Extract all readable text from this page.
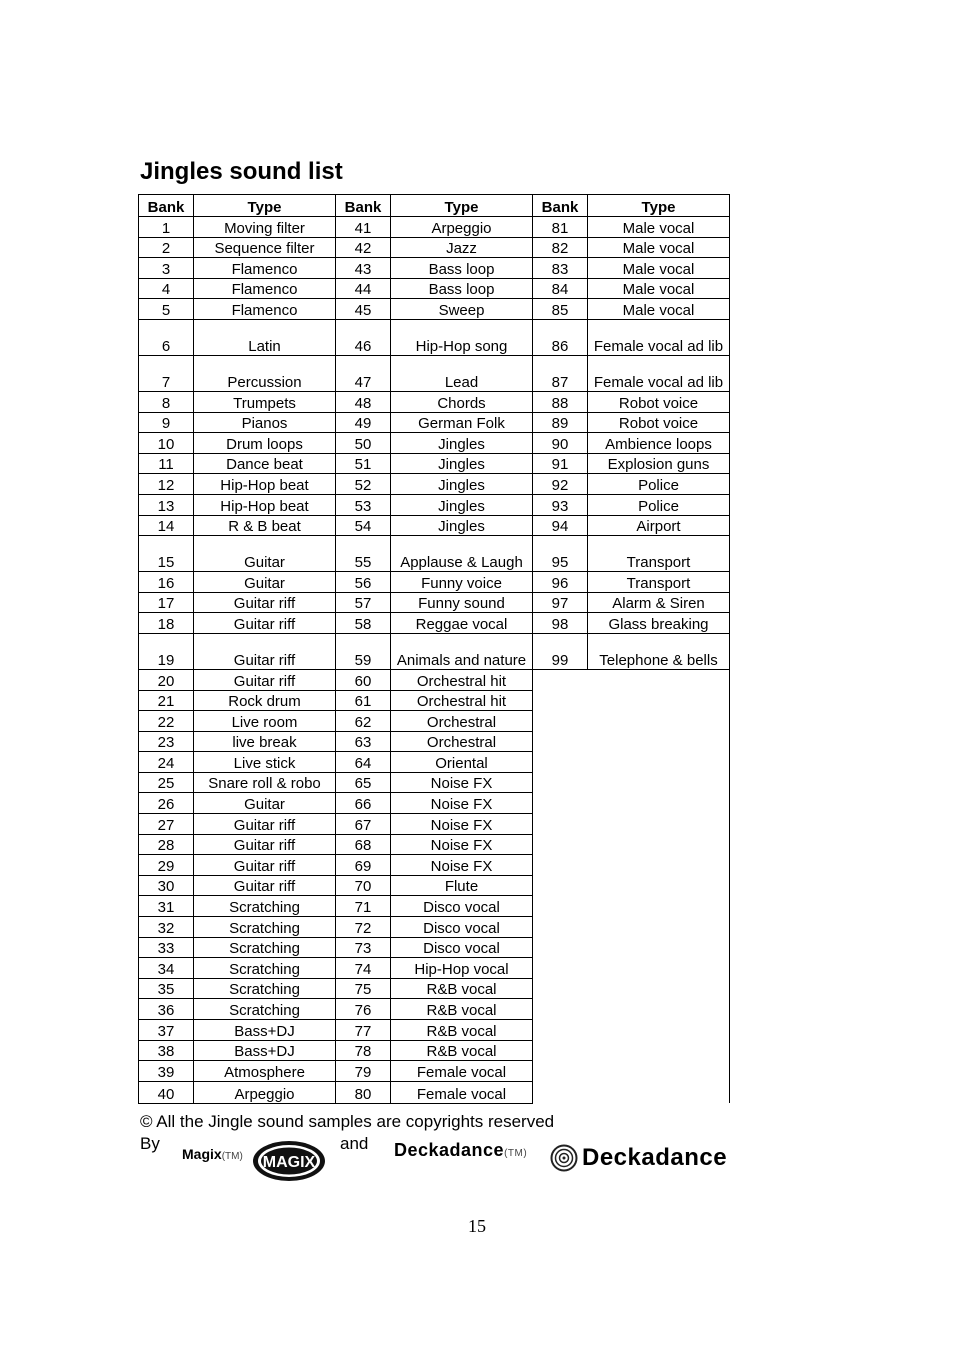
Jingles sound list
Bank	Type	Bank	Type	Bank	Type
1	Moving filter	41	Arpeggio	81	Male vocal
2	Sequence filter	42	Jazz	82	Male vocal
3	Flamenco	43	Bass loop	83	Male vocal
4	Flamenco	44	Bass loop	84	Male vocal
5	Flamenco	45	Sweep	85	Male vocal
6	Latin	46	Hip-Hop song	86	Female vocal ad lib
7	Percussion	47	Lead	87	Female vocal ad lib
8	Trumpets	48	Chords	88	Robot voice
9	Pianos	49	German Folk	89	Robot voice
10	Drum loops	50	Jingles	90	Ambience loops
11	Dance beat	51	Jingles	91	Explosion guns
12	Hip-Hop beat	52	Jingles	92	Police
13	Hip-Hop beat	53	Jingles	93	Police
14	R & B beat	54	Jingles	94	Airport
15	Guitar	55	Applause & Laugh	95	Transport
16	Guitar	56	Funny voice	96	Transport
17	Guitar riff	57	Funny sound	97	Alarm & Siren
18	Guitar riff	58	Reggae vocal	98	Glass breaking
19	Guitar riff	59	Animals and nature	99	Telephone & bells
20	Guitar riff	60	Orchestral hit		
21	Rock drum	61	Orchestral hit		
22	Live room	62	Orchestral		
23	live break	63	Orchestral		
24	Live stick	64	Oriental		
25	Snare roll & robo	65	Noise FX		
26	Guitar	66	Noise FX		
27	Guitar riff	67	Noise FX		
28	Guitar riff	68	Noise FX		
29	Guitar riff	69	Noise FX		
30	Guitar riff	70	Flute		
31	Scratching	71	Disco vocal		
32	Scratching	72	Disco vocal		
33	Scratching	73	Disco vocal		
34	Scratching	74	Hip-Hop vocal		
35	Scratching	75	R&B vocal		
36	Scratching	76	R&B vocal		
37	Bass+DJ	77	R&B vocal		
38	Bass+DJ	78	R&B vocal		
39	Atmosphere	79	Female vocal		
40	Arpeggio	80	Female vocal		

© All the Jingle sound samples are copyrights reserved

By
Magix(TM) MAGIX
and Deckadance(TM) Deckadance
15
